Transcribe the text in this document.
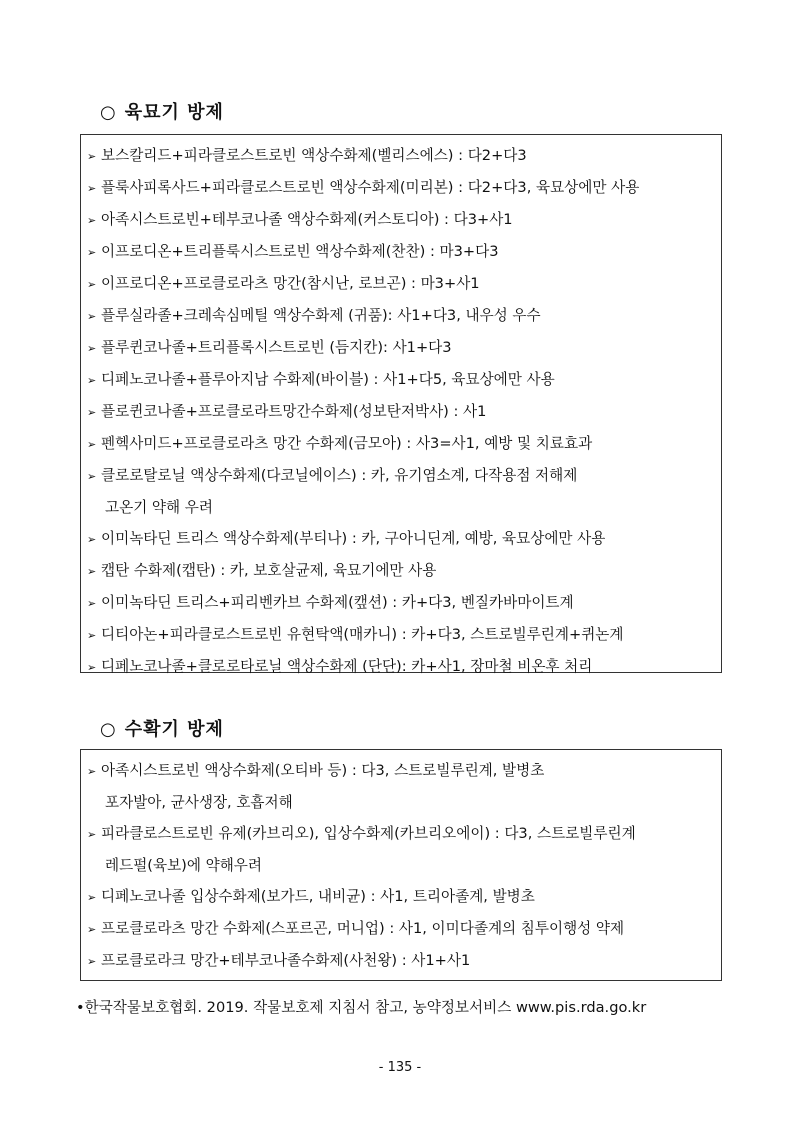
○ 육묘기 방제
➢ 보스칼리드+피라클로스트로빈 액상수화제(벨리스에스) : 다2+다3
➢ 플룩사피록사드+피라클로스트로빈 액상수화제(미리본) : 다2+다3, 육묘상에만 사용
➢ 아족시스트로빈+테부코나졸 액상수화제(커스토디아) : 다3+사1
➢ 이프로디온+트리플룩시스트로빈 액상수화제(찬찬) : 마3+다3
➢ 이프로디온+프로클로라츠 망간(참시난, 로브곤) : 마3+사1
➢ 플루실라졸+크레속심메틸 액상수화제 (귀품): 사1+다3, 내우성 우수
➢ 플루퀸코나졸+트리플록시스트로빈 (듬지칸): 사1+다3
➢ 디페노코나졸+플루아지남 수화제(바이블) : 사1+다5, 육묘상에만 사용
➢ 플로퀸코나졸+프로클로라트망간수화제(성보탄저박사) : 사1
➢ 펜헥사미드+프로클로라츠 망간 수화제(금모아) : 사3=사1, 예방 및 치료효과
➢ 클로로탈로닐 액상수화제(다코닐에이스) : 카, 유기염소계, 다작용점 저해제
고온기 약해 우려
➢ 이미녹타딘 트리스 액상수화제(부티나) : 카, 구아니딘계, 예방, 육묘상에만 사용
➢ 캡탄 수화제(캡탄) : 카, 보호살균제, 육묘기에만 사용
➢ 이미녹타딘 트리스+피리벤카브 수화제(캪션) : 카+다3, 벤질카바마이트계
➢ 디티아논+피라클로스트로빈 유현탁액(매카니) : 카+다3, 스트로빌루린계+퀴논계
➢ 디페노코나졸+클로로타로닐 액상수화제 (단단): 카+사1, 장마철 비온후 처리
○ 수확기 방제
➢ 아족시스트로빈 액상수화제(오티바 등) : 다3, 스트로빌루린계, 발병초
포자발아, 균사생장, 호흡저해
➢ 피라클로스트로빈 유제(카브리오), 입상수화제(카브리오에이) : 다3, 스트로빌루린계
레드펄(육보)에 약해우려
➢ 디페노코나졸 입상수화제(보가드, 내비균) : 사1, 트리아졸계, 발병초
➢ 프로클로라츠 망간 수화제(스포르곤, 머니업) : 사1, 이미다졸계의 침투이행성 약제
➢ 프로클로라크 망간+테부코나졸수화제(사천왕) : 사1+사1
•한국작물보호협회. 2019. 작물보호제 지침서 참고, 농약정보서비스 www.pis.rda.go.kr
- 135 -
